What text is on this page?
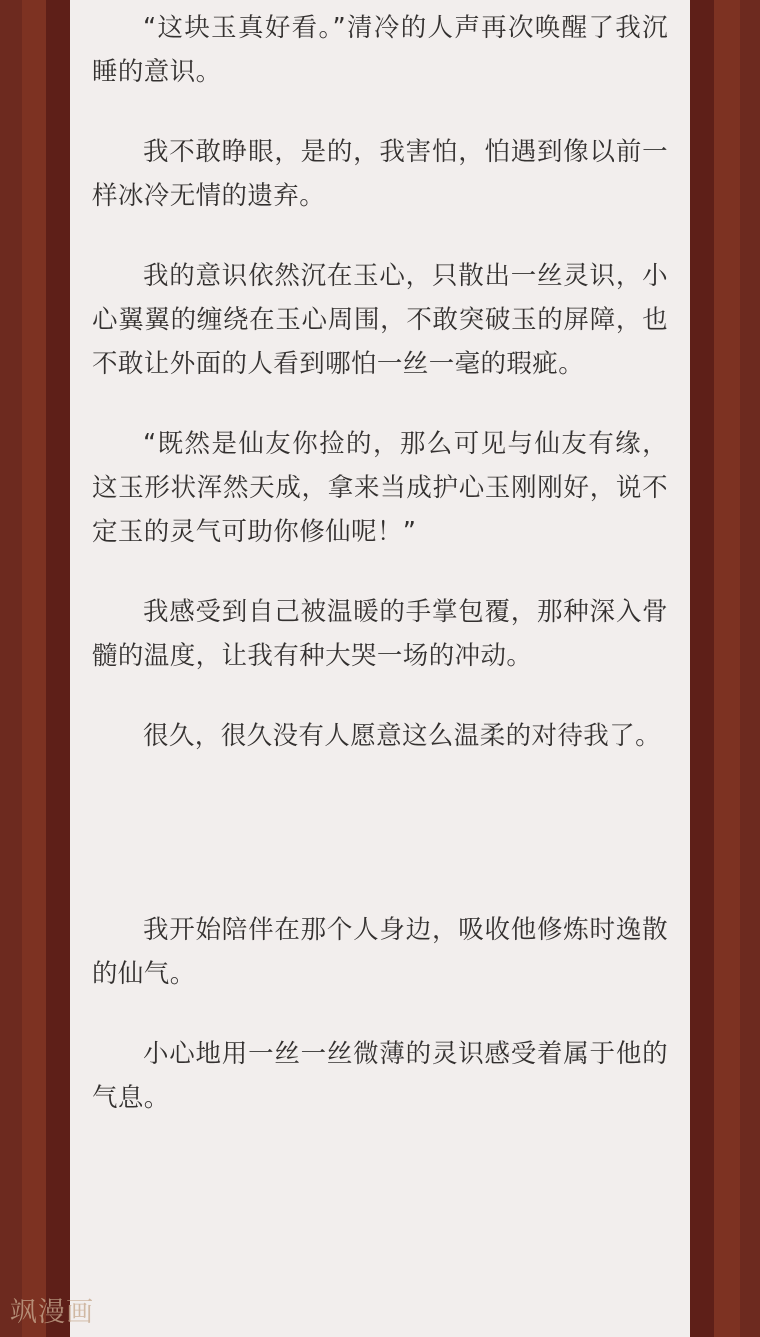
“这块玉真好看。”清冷的人声再次唤醒了我沉睡的意识。

我不敢睁眼，是的，我害怕，怕遇到像以前一样冰冷无情的遗弃。

我的意识依然沉在玉心，只散出一丝灵识，小心翼翼的缠绕在玉心周围，不敢突破玉的屏障，也不敢让外面的人看到哪怕一丝一毫的瑕疵。

“既然是仙友你捡的，那么可见与仙友有缘，这玉形状浑然天成，拿来当成护心玉刚刚好，说不定玉的灵气可助你修仙呢！”

我感受到自己被温暖的手掌包覆，那种深入骨髓的温度，让我有种大哭一场的冲动。

很久，很久没有人愿意这么温柔的对待我了。

我开始陪伴在那个人身边，吸收他修炼时逸散的仙气。

小心地用一丝一丝微薄的灵识感受着属于他的气息。

飒漫画
